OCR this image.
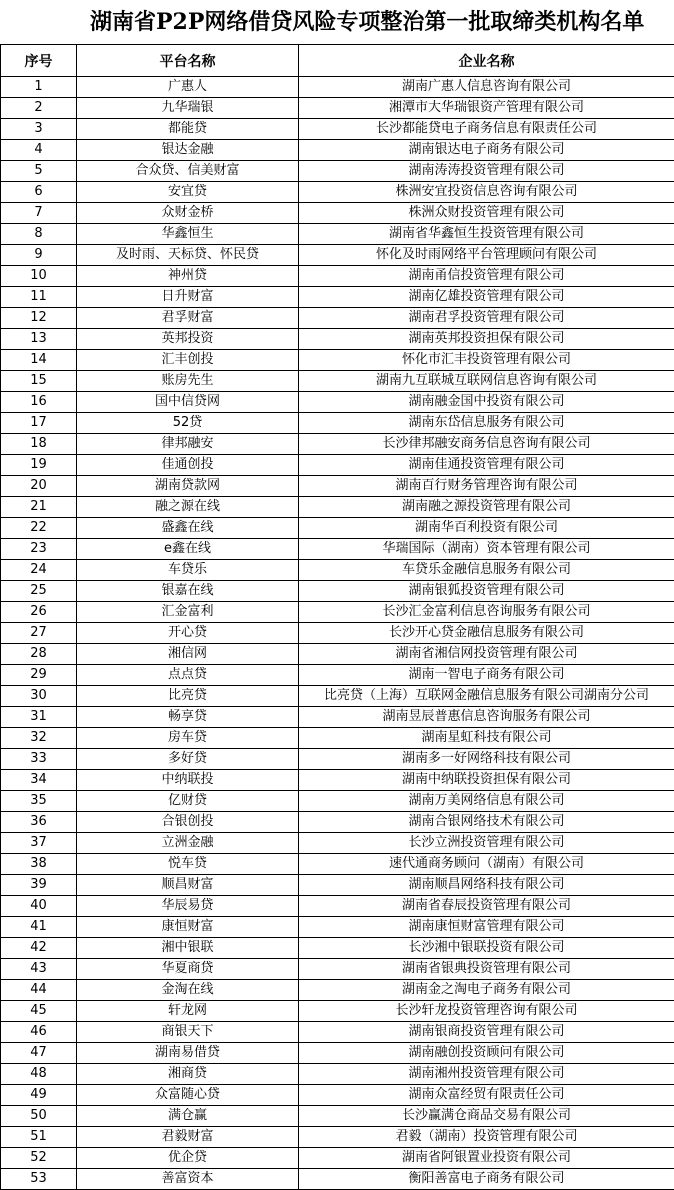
湖南省P2P网络借贷风险专项整治第一批取缔类机构名单
序号	平台名称	企业名称
1	广惠人	湖南广惠人信息咨询有限公司
2	九华瑞银	湘潭市大华瑞银资产管理有限公司
3	都能贷	长沙都能贷电子商务信息有限责任公司
4	银达金融	湖南银达电子商务有限公司
5	合众贷、信美财富	湖南涛涛投资管理有限公司
6	安宜贷	株洲安宜投资信息咨询有限公司
7	众财金桥	株洲众财投资管理有限公司
8	华鑫恒生	湖南省华鑫恒生投资管理有限公司
9	及时雨、天标贷、怀民贷	怀化及时雨网络平台管理顾问有限公司
10	神州贷	湖南甬信投资管理有限公司
11	日升财富	湖南亿雄投资管理有限公司
12	君孚财富	湖南君孚投资管理有限公司
13	英邦投资	湖南英邦投资担保有限公司
14	汇丰创投	怀化市汇丰投资管理有限公司
15	账房先生	湖南九互联城互联网信息咨询有限公司
16	国中信贷网	湖南融金国中投资有限公司
17	52贷	湖南东岱信息服务有限公司
18	律邦融安	长沙律邦融安商务信息咨询有限公司
19	佳通创投	湖南佳通投资管理有限公司
20	湖南贷款网	湖南百行财务管理咨询有限公司
21	融之源在线	湖南融之源投资管理有限公司
22	盛鑫在线	湖南华百利投资有限公司
23	e鑫在线	华瑞国际（湖南）资本管理有限公司
24	车贷乐	车贷乐金融信息服务有限公司
25	银嘉在线	湖南银狐投资管理有限公司
26	汇金富利	长沙汇金富利信息咨询服务有限公司
27	开心贷	长沙开心贷金融信息服务有限公司
28	湘信网	湖南省湘信网投资管理有限公司
29	点点贷	湖南一智电子商务有限公司
30	比亮贷	比亮贷（上海）互联网金融信息服务有限公司湖南分公司
31	畅享贷	湖南昱辰普惠信息咨询服务有限公司
32	房车贷	湖南星虹科技有限公司
33	多好贷	湖南多一好网络科技有限公司
34	中纳联投	湖南中纳联投资担保有限公司
35	亿财贷	湖南万美网络信息有限公司
36	合银创投	湖南合银网络技术有限公司
37	立洲金融	长沙立洲投资管理有限公司
38	悦车贷	速代通商务顾问（湖南）有限公司
39	顺昌财富	湖南顺昌网络科技有限公司
40	华辰易贷	湖南省春辰投资管理有限公司
41	康恒财富	湖南康恒财富管理有限公司
42	湘中银联	长沙湘中银联投资有限公司
43	华夏商贷	湖南省银典投资管理有限公司
44	金淘在线	湖南金之淘电子商务有限公司
45	轩龙网	长沙轩龙投资管理咨询有限公司
46	商银天下	湖南银商投资管理有限公司
47	湖南易借贷	湖南融创投资顾问有限公司
48	湘商贷	湖南湘州投资管理有限公司
49	众富随心贷	湖南众富经贸有限责任公司
50	满仓赢	长沙赢满仓商品交易有限公司
51	君毅财富	君毅（湖南）投资管理有限公司
52	优企贷	湖南省阿银置业投资有限公司
53	善富资本	衡阳善富电子商务有限公司
